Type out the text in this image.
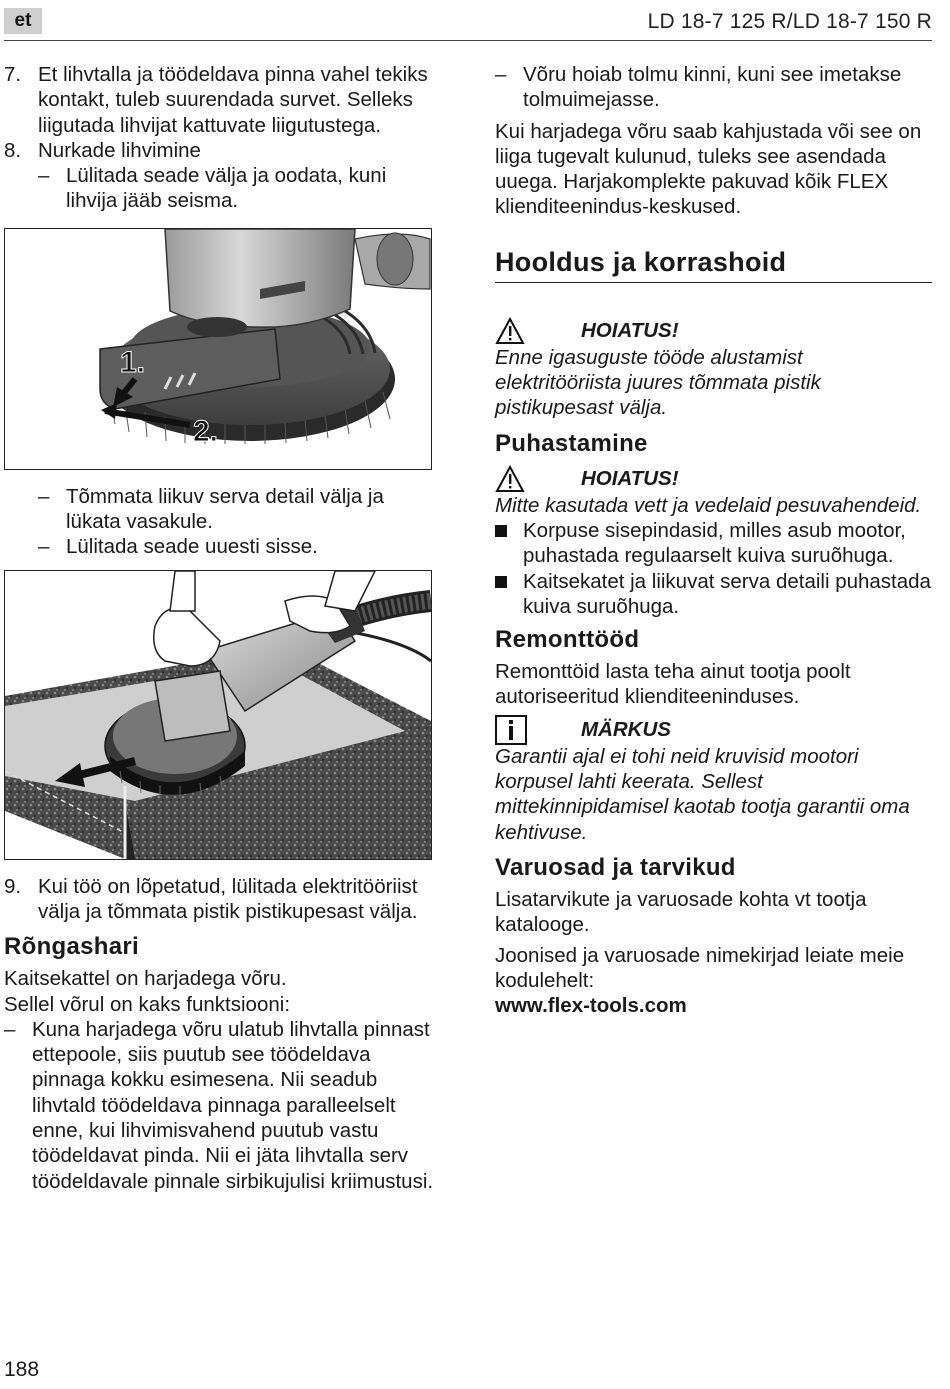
et	LD 18-7 125 R/LD 18-7 150 R

7. Et lihvtalla ja töödeldava pinna vahel tekiks kontakt, tuleb suurendada survet. Selleks liigutada lihvijat kattuvate liigutustega.

8. Nurkade lihvimine

– Lülitada seade välja ja oodata, kuni lihvija jääb seisma.

1.
2.

– Tõmmata liikuv serva detail välja ja lükata vasakule.

– Lülitada seade uuesti sisse.

9. Kui töö on lõpetatud, lülitada elektritööriist välja ja tõmmata pistik pistikupesast välja.

Rõngashari

Kaitsekattel on harjadega võru.

Sellel võrul on kaks funktsiooni:

– Kuna harjadega võru ulatub lihvtalla pinnast ettepoole, siis puutub see töödeldava pinnaga kokku esimesena. Nii seadub lihvtald töödeldava pinnaga paralleelselt enne, kui lihvimisvahend puutub vastu töödeldavat pinda. Nii ei jäta lihvtalla serv töödeldavale pinnale sirbikujulisi kriimustusi.

– Võru hoiab tolmu kinni, kuni see imetakse tolmuimejasse.

Kui harjadega võru saab kahjustada või see on liiga tugevalt kulunud, tuleks see asendada uuega. Harjakomplekte pakuvad kõik FLEX klienditeenindus-keskused.

Hooldus ja korrashoid
HOIATUS!

Enne igasuguste tööde alustamist elektritööriista juures tõmmata pistik pistikupesast välja.

Puhastamine
HOIATUS!

Mitte kasutada vett ja vedelaid pesuvahendeid.

Korpuse sisepindasid, milles asub mootor, puhastada regulaarselt kuiva suruõhuga.

Kaitsekatet ja liikuvat serva detaili puhastada kuiva suruõhuga.

Remonttööd

Remonttöid lasta teha ainut tootja poolt autoriseeritud klienditeeninduses.

MÄRKUS

Garantii ajal ei tohi neid kruvisid mootori korpusel lahti keerata. Sellest mittekinnipidamisel kaotab tootja garantii oma kehtivuse.

Varuosad ja tarvikud

Lisatarvikute ja varuosade kohta vt tootja katalooge.

Joonised ja varuosade nimekirjad leiate meie kodulehelt:

www.flex-tools.com

188
